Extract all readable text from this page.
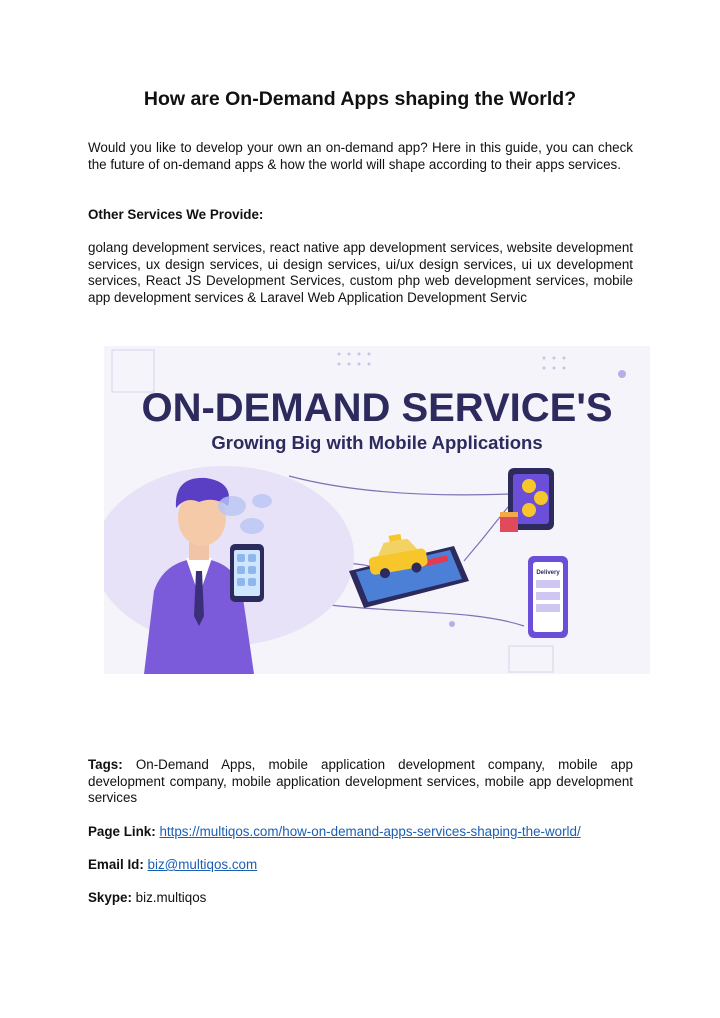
How are On-Demand Apps shaping the World?

Would you like to develop your own an on-demand app? Here in this guide, you can check the future of on-demand apps & how the world will shape according to their apps services.

Other Services We Provide:

golang development services, react native app development services, website development services, ux design services, ui design services, ui/ux design services, ui ux development services, React JS Development Services, custom php web development services, mobile app development services & Laravel Web Application Development Servic

ON-DEMAND SERVICE'S
Growing Big with Mobile Applications
Delivery

Tags: On-Demand Apps, mobile application development company, mobile app development company, mobile application development services, mobile app development services

Page Link: https://multiqos.com/how-on-demand-apps-services-shaping-the-world/

Email Id: biz@multiqos.com

Skype: biz.multiqos
